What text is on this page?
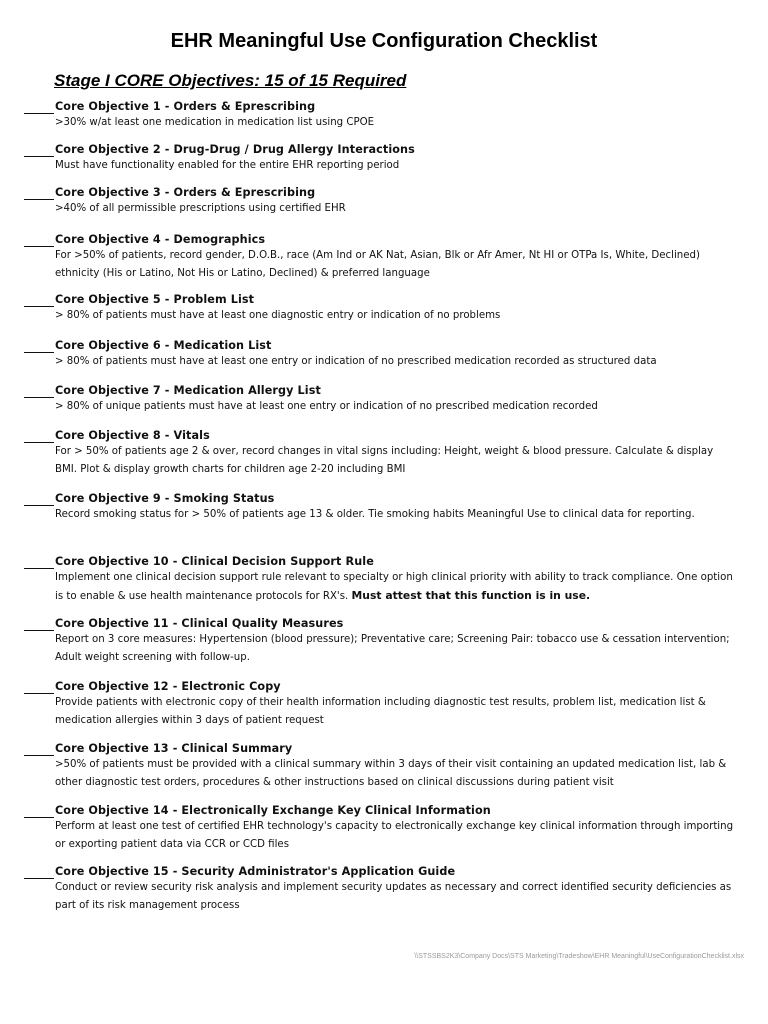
EHR Meaningful Use Configuration Checklist
Stage I CORE Objectives: 15 of 15 Required
Core Objective 1 - Orders & Eprescribing
>30% w/at least one medication in medication list using CPOE
Core Objective 2 - Drug-Drug / Drug Allergy Interactions
Must have functionality enabled for the entire EHR reporting period
Core Objective 3 - Orders & Eprescribing
>40% of all permissible prescriptions using certified EHR
Core Objective 4 - Demographics
For >50% of patients, record gender, D.O.B., race (Am Ind or AK Nat, Asian, Blk or Afr Amer, Nt HI or OTPa Is, White, Declined) ethnicity (His or Latino, Not His or Latino, Declined) & preferred language
Core Objective 5 - Problem List
> 80% of patients must have at least one diagnostic entry or indication of no problems
Core Objective 6 - Medication List
> 80% of patients must have at least one entry or indication of no prescribed medication recorded as structured data
Core Objective 7 - Medication Allergy List
> 80% of unique patients must have at least one entry or indication of no prescribed medication recorded
Core Objective 8 - Vitals
For > 50% of patients age 2 & over, record changes in vital signs including: Height, weight & blood pressure. Calculate & display BMI. Plot & display growth charts for children age 2-20 including BMI
Core Objective 9 - Smoking Status
Record smoking status for > 50% of patients age 13 & older. Tie smoking habits Meaningful Use to clinical data for reporting.
Core Objective 10 - Clinical Decision Support Rule
Implement one clinical decision support rule relevant to specialty or high clinical priority with ability to track compliance. One option is to enable & use health maintenance protocols for RX's. Must attest that this function is in use.
Core Objective 11 - Clinical Quality Measures
Report on 3 core measures: Hypertension (blood pressure); Preventative care; Screening Pair: tobacco use & cessation intervention; Adult weight screening with follow-up.
Core Objective 12 - Electronic Copy
Provide patients with electronic copy of their health information including diagnostic test results, problem list, medication list & medication allergies within 3 days of patient request
Core Objective 13 - Clinical Summary
>50% of patients must be provided with a clinical summary within 3 days of their visit containing an updated medication list, lab & other diagnostic test orders, procedures & other instructions based on clinical discussions during patient visit
Core Objective 14 - Electronically Exchange Key Clinical Information
Perform at least one test of certified EHR technology's capacity to electronically exchange key clinical information through importing or exporting patient data via CCR or CCD files
Core Objective 15 - Security Administrator's Application Guide
Conduct or review security risk analysis and implement security updates as necessary and correct identified security deficiencies as part of its risk management process
\\STSSBS2K3\Company Docs\STS Marketing\Tradeshow\EHR Meaningful\UseConfigurationChecklist.xlsx
